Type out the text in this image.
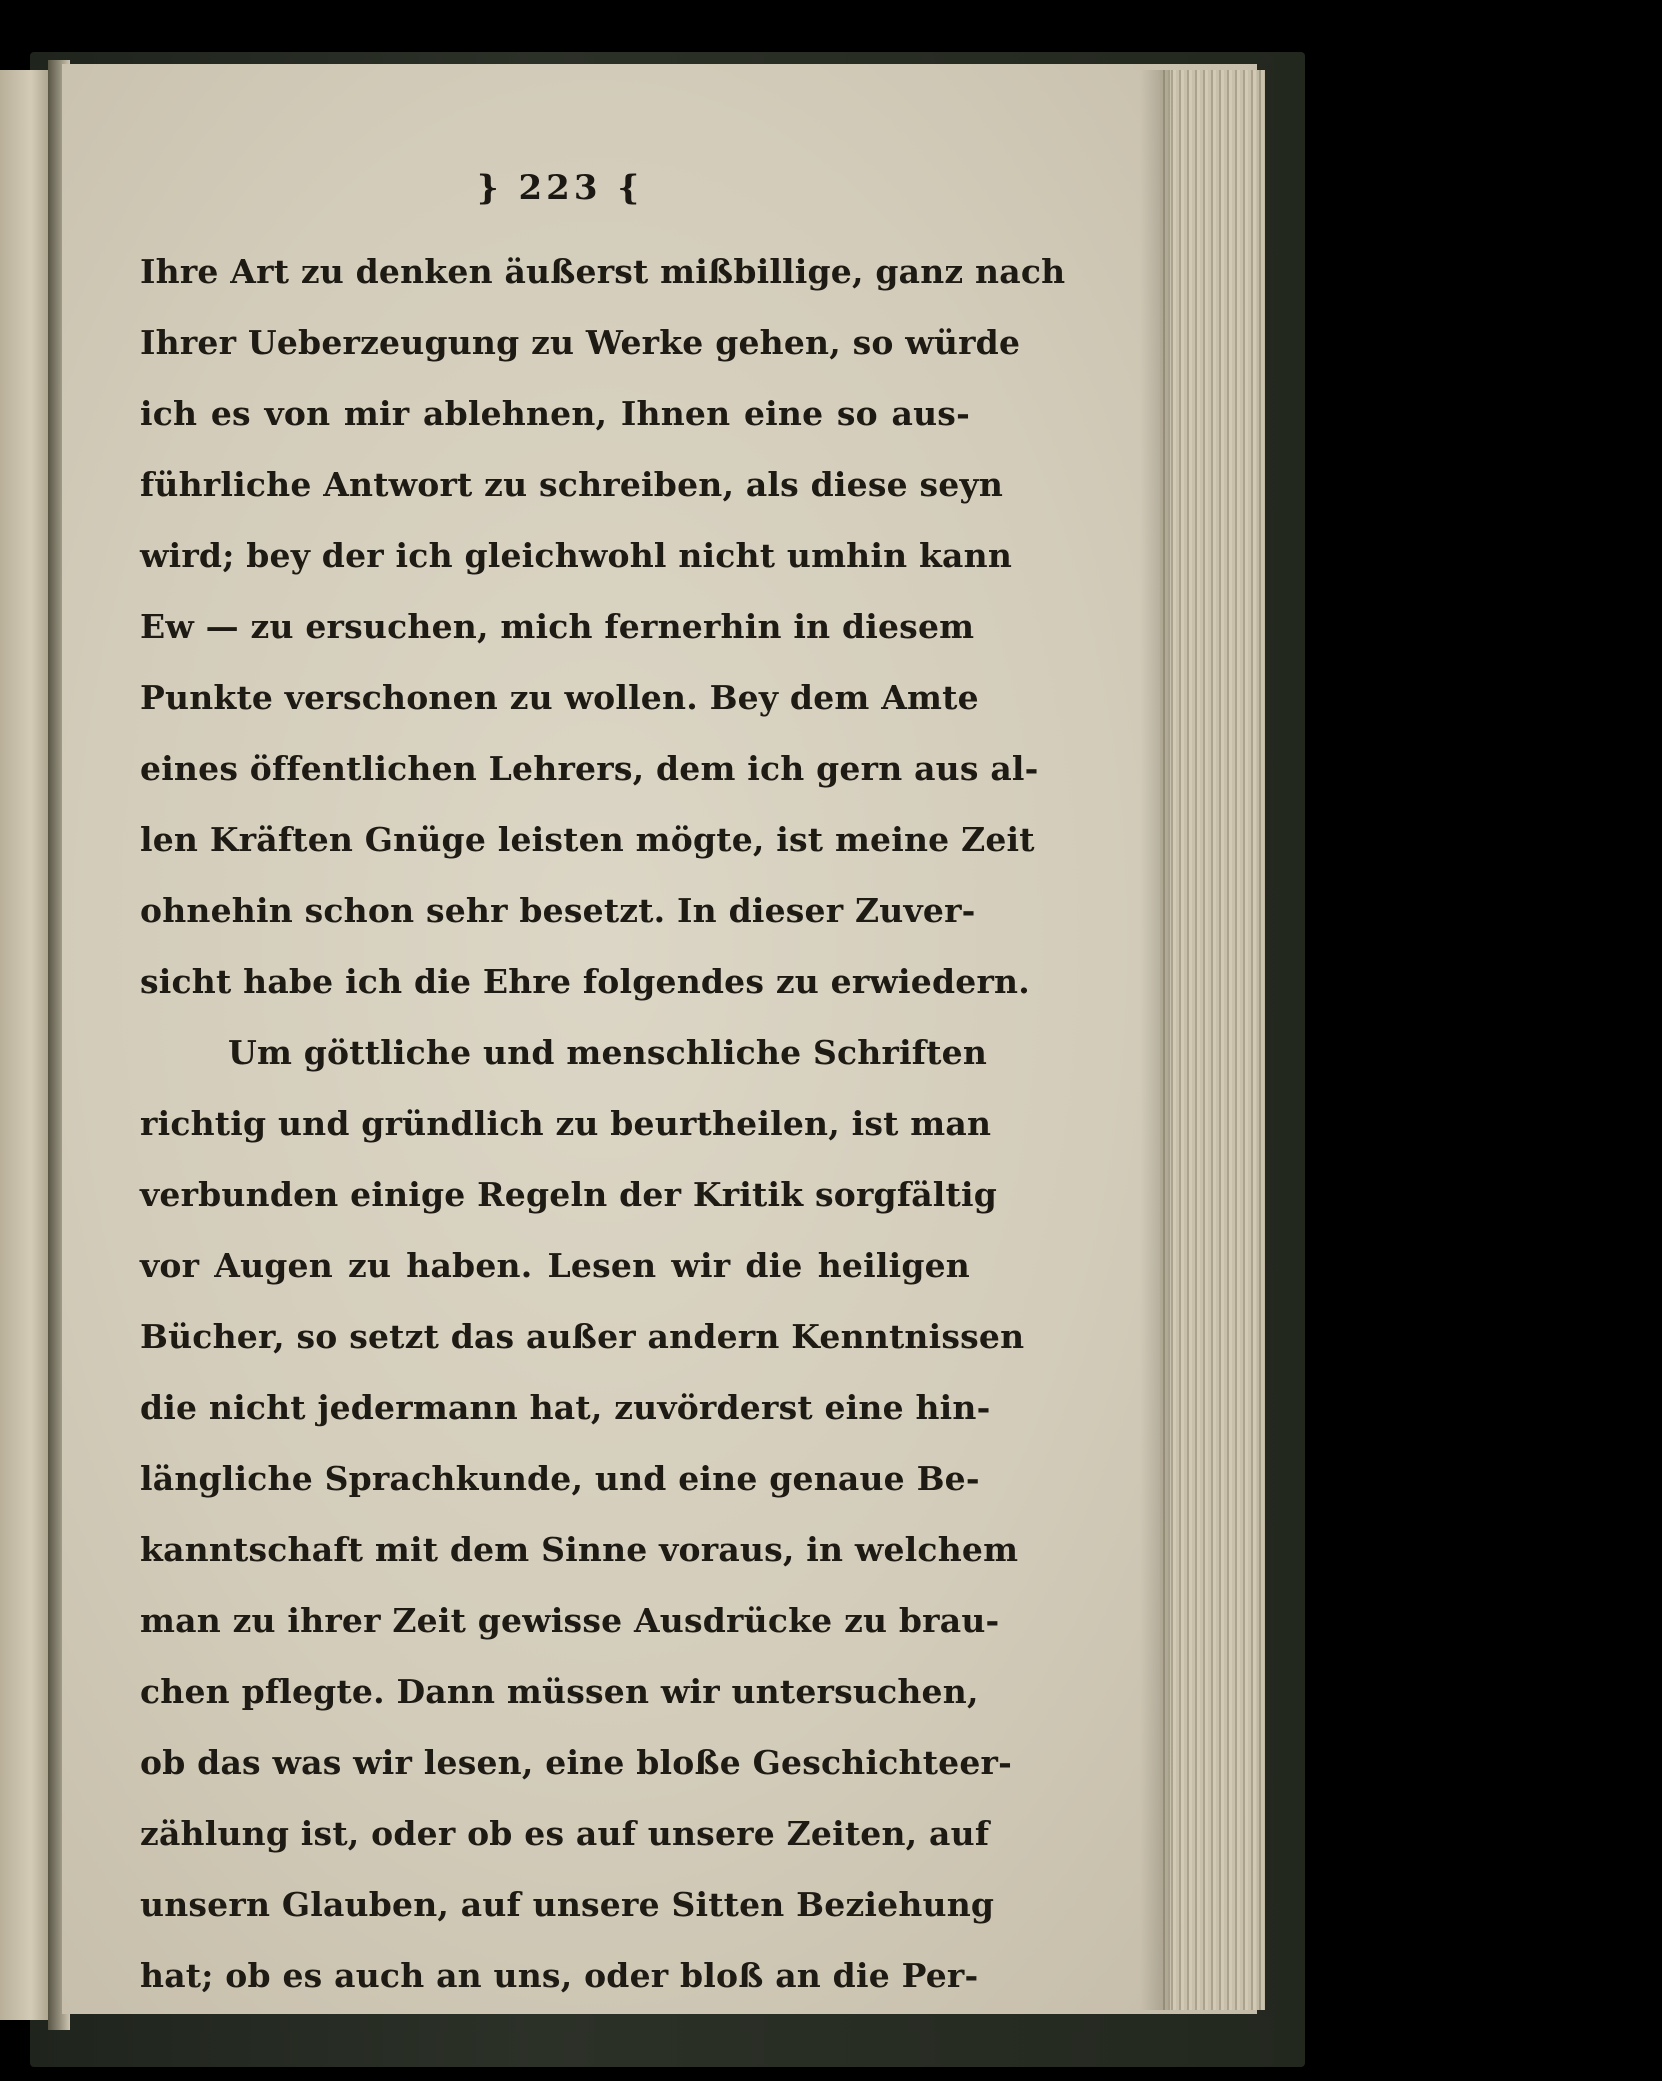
} 223 {
Ihre Art zu denken äußerst mißbillige, ganz nach
Ihrer Ueberzeugung zu Werke gehen, so würde
ich es von mir ablehnen, Ihnen eine so aus-
führliche Antwort zu schreiben, als diese seyn
wird; bey der ich gleichwohl nicht umhin kann
Ew — zu ersuchen, mich fernerhin in diesem
Punkte verschonen zu wollen. Bey dem Amte
eines öffentlichen Lehrers, dem ich gern aus al-
len Kräften Gnüge leisten mögte, ist meine Zeit
ohnehin schon sehr besetzt. In dieser Zuver-
sicht habe ich die Ehre folgendes zu erwiedern.
Um göttliche und menschliche Schriften
richtig und gründlich zu beurtheilen, ist man
verbunden einige Regeln der Kritik sorgfältig
vor Augen zu haben. Lesen wir die heiligen
Bücher, so setzt das außer andern Kenntnissen
die nicht jedermann hat, zuvörderst eine hin-
längliche Sprachkunde, und eine genaue Be-
kanntschaft mit dem Sinne voraus, in welchem
man zu ihrer Zeit gewisse Ausdrücke zu brau-
chen pflegte. Dann müssen wir untersuchen,
ob das was wir lesen, eine bloße Geschichteer-
zählung ist, oder ob es auf unsere Zeiten, auf
unsern Glauben, auf unsere Sitten Beziehung
hat; ob es auch an uns, oder bloß an die Per-
